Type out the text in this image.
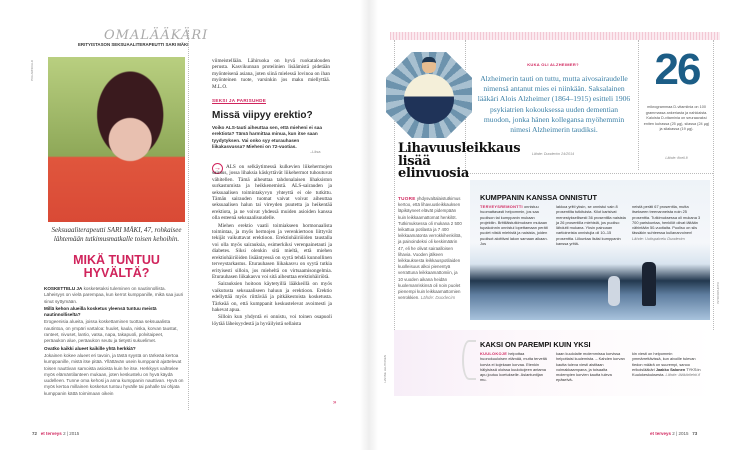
OMALÄÄKÄRI
ERITYISTASON SEKSUAALITERAPEUTTI SARI MÄKI
PIIA ARNOULD
Seksuaaliterapeutti SARI MÄKI, 47, rohkaisee lähtemään tutkimusmatkalle toisen kehoihin.
MIKÄ TUNTUU HYVÄLTÄ?

KOSKETTELU JA kosketetaksi tuleminen on nautinnollista. Läheisyys on vielä parempaa, kun kerrot kumppanille, mikä saa juuri sinut syttymään.

Millä kehon alueilla kosketus yleensä tuntuu meistä nautinnolliselta?

Erogeenisia alueita, joissa koskettaminen tuottaa seksuaalista nautintoa, on ympäri vartaloa: huulet, kaula, niska, korvan taustat, ranteet, nivuset, lantio, vatsa, napa, takapuoli, polvitaipeet, peräaukon alue, peräaukon seutu ja tietysti sukuelimet.

Ovatko kaikki alueet kaikille yhtä herkkiä?

Jokainen kokee alueet eri tavoin, ja tästä syystä on tärkeää kertoa kumppanille, mistä itse pitää. Yllättävän usein kumppanit ajattelevat toisen nauttivan samoista asioista kuin he itse. Herkkyys vaihtelee myös elämäntilanteen mukaan, joten keskustelu on hyvä käydä uudelleen. Tunne oma kehosi ja anna kumppanin nauttivan. Hyvä on myös kertoa millainen kosketus tuntuu hyvälle tai pahalle tai ohjata kumppanin kättä toimimaan oikein

viimeistellään. Lähiruoka on hyvä ruokatalouden perusta. Kasvikunnan proteiinien lisäämistä pidetään myönteisenä asiana, joten siinä mielessä lovinoa on ihan myönteinen tuote, varsinkin jos maku miellyttää. M.L.O.
SEKSI JA PARISUHDE
Missä viipyy erektio?
Voiko ALS-tauti aiheuttaa sen, että mieheni ei saa erektiota? Tämä harmittaa minua, kun itse saan tyydytyksen. Vai onko syy eturauhasen liikakasvussa? Mieheni on 72-vuotias.
–Liisa
→ ALS on selkäytimessä kulkevien liikehermojen sairaus, jossa lihaksia käskyttävät liikehermot tuhoutuvat vähitellen. Tämä aiheuttaa tahdonalaisen lihaksiston surkastumista ja heikkenemistä. ALS-sairauden ja seksuaalisen toimintakyvyn yhteyttä ei ole tutkittu. Tämän sairauden tuomat vaivat voivat aiheuttaa seksuaalisen halun tai vireyden puutetta ja heikentää erektiota, ja ne voivat yhdessä muiden asioiden kanssa olla esteenä seksuaalisuudelle.

Miehen erektio vaatii toimiakseen hormonaalista toimintaa, ja myös hermojen ja verenkiertoon liittyvät tekijät vaikuttavat erektioon. Erektiohäiriöiden taustalla voi olla myös sairauksia, esimerkiksi verenpainetauti ja diabetes. Siksi olenkin sitä mieltä, että miehen erektiohäiriöiden lisääntyessä on syytä tehdä kunnollinen terveystarkastus. Eturauhasen liikakasvu on syytä tutkia erityisesti silloin, jos mieheltä on virtsaamisongelmia. Eturauhasen liikakasvu voi sitä aiheuttaa erektiohäiriötä.

Sairauksien hoitoon käytetyillä lääkkeillä on myös vaikutusta seksuaaliseen haluun ja erektioon. Erektio edellyttää myös riittävää ja pitkäkestoista kosketusta. Tärkeää on, että kumppanit keskustelevat avoimesti ja hakevat apua.

Silloin kun yhdyntä ei onnistu, voi toinen osapuoli löytää läheisyydestä ja hyväilyistä sellaista

»
72 et terveys 2 | 2015
HANNE LEHTONEN
Lihavuusleikkaus lisää elinvuosia
TUORE yhdysvaltalaistutkimus kertoo, että lihavuusleikkauksen läpikäyneet elävät pidempään kuin leikkaamattomat henkilöt. Tutkimuksessa oli mukana 2 500 leikattua potilasta ja 7 400 leikkaamatonta verrokkihenkilöä, ja painoindeksi oli keskimäärin 47, eli he olivat sairaalloisen lihavia. Vuoden jälkeen leikkauksesta leikkauspotilaiden kuolleisuus alkoi pienentyä verrattuna leikkaamattomiin, ja 10 vuoden aikana heidän kuolemanriskinsä oli noin puolet pienempi kuin leikkaamattomien verrokkien. Lähde: Duodecim
KUKA OLI ALZHEIMER?
Alzheimerin tauti on tuttu, mutta aivosairaudelle nimensä antanut mies ei niinkään. Saksalainen lääkäri Alois Alzheimer (1864–1915) esitteli 1906 psykiatrien kokouksessa uuden dementian muodon, jonka hänen kollegansa myöhemmin nimesi Alzheimerin taudiksi.
Lähde: Duodecim 24/2014
26
mikrogrammaa D-vitamiinia on 100 grammassa ankeriasta ja nahkiaista. Kaloista D-vitaminia on seuraavaksi eniten kuhassa (25 µg), siiassa (24 µg) ja silakassa (19 µg).
Lähde: fineli.fi
ISTOCKPHOTO
KUMPPANIN KANSSA ONNISTUT
TERVEYSREMONTTI onnistuu huomattavasti helpommin, jos saa puolison tai kumppanin mukaan projektiin. Brittiläistutkimuksen mukaan tupakoinnin onnistui lopettamaan peräti puolet niistä miehistä ja naisista, joiden puolisot aloittivat lakon samaan aikaan. Jos
lakkoa yritti yksin, se onnistui vain 8 prosentilta tutkituista. Kilot karisivat menestyksellisesti 36 prosentilla naisista ja 26 prosentilla miehistä, jos puoliso lähdutti mukana. Yksin painoaan vartioineista onnistujia oli 10–15 prosenttia. Liikuntaa lisäsi kumppanin kanssa yrittä-
neistä peräti 67 prosenttia, mutta itsekseen treenanneista noin 25 prosenttia. Tutkimuksessa oli mukana 3 700 pariskuntaa, henkilöt olivat iältään vähintään 50-vuotiaita. Puoliso on siis tässäkin suhteessa kullanarvoinen! Lähde: Uutispalvelu Duodecim
KAKSI ON PAREMPI KUIN YKSI
KUULOKOJE helpottaa huonokuuloisen elämää, mutta terveitä korvia ei kojekaan korvaa. Etenkin hälyisissä oloissa kuulokojeen antama apu joutuu koetukselle. Asiantuntijan mu-
kaan kuulolaite molemmissa korvissa helpottaisi kuulemista. – Kahden korvan kautta tuleva viesti aistitaan voimakkaampana, ja toisaalta molempien korvien kautta tuleva epäselvä-
kin viesti on helpommin ymmärrettävissä, kun aivoille tulevan tiedon määrä on suurempi, sanoo erikoislääkäri Jaakko Salonen TYKS:in Kuulokeskuksesta. Lähde: lääkärilehti.fi
et terveys 2 | 2015 73
